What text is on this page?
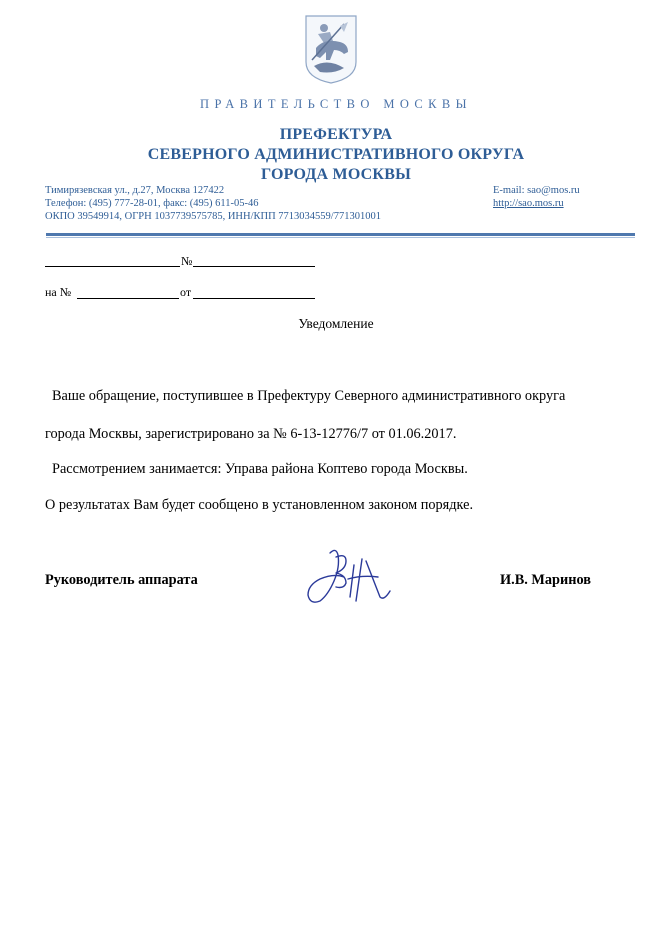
ПРАВИТЕЛЬСТВО МОСКВЫ
ПРЕФЕКТУРА
СЕВЕРНОГО АДМИНИСТРАТИВНОГО ОКРУГА
ГОРОДА МОСКВЫ
Тимирязевская ул., д.27, Москва 127422
Телефон: (495) 777-28-01, факс: (495) 611-05-46
ОКПО 39549914, ОГРН 1037739575785, ИНН/КПП 7713034559/771301001
E-mail: sao@mos.ru
http://sao.mos.ru
№
на №	от
Уведомление
Ваше обращение, поступившее в Префектуру Северного административного округа
города Москвы, зарегистрировано за № 6-13-12776/7 от 01.06.2017.
Рассмотрением занимается: Управа района Коптево города Москвы.
О результатах Вам будет сообщено в установленном законом порядке.
Руководитель аппарата	И.В. Маринов
